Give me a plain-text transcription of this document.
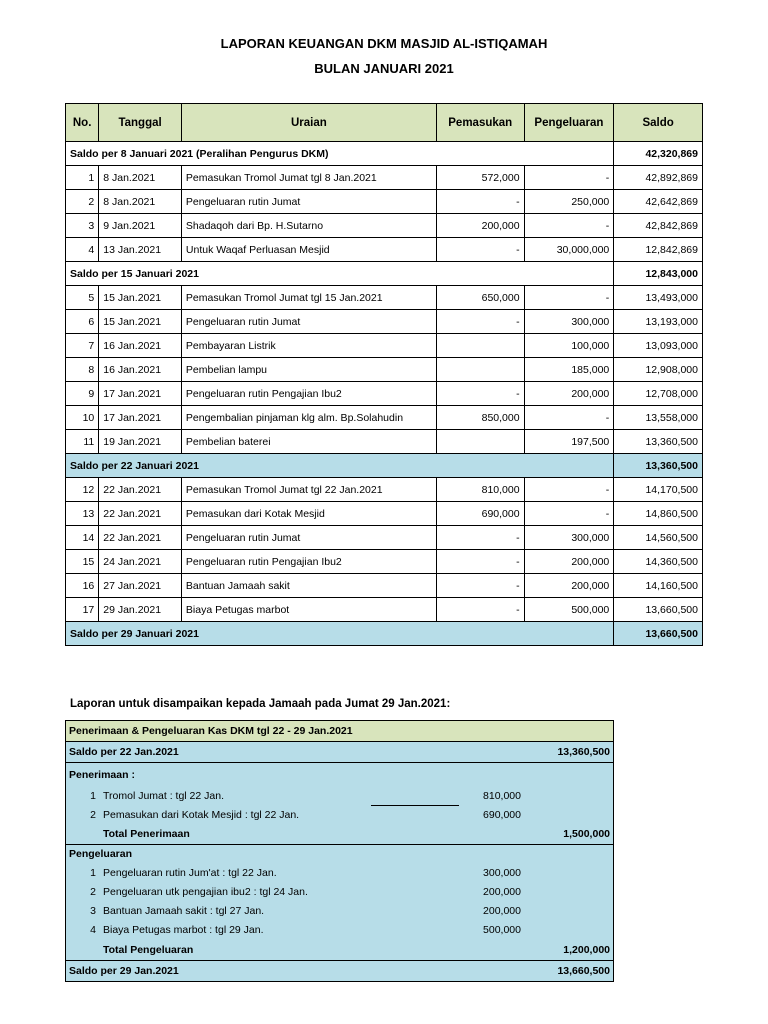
LAPORAN KEUANGAN DKM MASJID AL-ISTIQAMAH
BULAN JANUARI 2021
No.	Tanggal	Uraian	Pemasukan	Pengeluaran	Saldo
Saldo per 8 Januari 2021 (Peralihan Pengurus DKM)					42,320,869
1	8 Jan.2021	Pemasukan Tromol Jumat tgl 8 Jan.2021	572,000	-	42,892,869
2	8 Jan.2021	Pengeluaran rutin Jumat	-	250,000	42,642,869
3	9 Jan.2021	Shadaqoh dari Bp. H.Sutarno	200,000	-	42,842,869
4	13 Jan.2021	Untuk Waqaf Perluasan Mesjid	-	30,000,000	12,842,869
Saldo per 15 Januari 2021					12,843,000
5	15 Jan.2021	Pemasukan Tromol Jumat tgl 15 Jan.2021	650,000	-	13,493,000
6	15 Jan.2021	Pengeluaran rutin Jumat	-	300,000	13,193,000
7	16 Jan.2021	Pembayaran Listrik		100,000	13,093,000
8	16 Jan.2021	Pembelian lampu		185,000	12,908,000
9	17 Jan.2021	Pengeluaran rutin Pengajian Ibu2	-	200,000	12,708,000
10	17 Jan.2021	Pengembalian pinjaman klg alm. Bp.Solahudin	850,000	-	13,558,000
11	19 Jan.2021	Pembelian baterei		197,500	13,360,500
Saldo per 22 Januari 2021					13,360,500
12	22 Jan.2021	Pemasukan Tromol Jumat tgl 22 Jan.2021	810,000	-	14,170,500
13	22 Jan.2021	Pemasukan dari Kotak Mesjid	690,000	-	14,860,500
14	22 Jan.2021	Pengeluaran rutin Jumat	-	300,000	14,560,500
15	24 Jan.2021	Pengeluaran rutin Pengajian Ibu2	-	200,000	14,360,500
16	27 Jan.2021	Bantuan Jamaah sakit	-	200,000	14,160,500
17	29 Jan.2021	Biaya Petugas marbot	-	500,000	13,660,500
Saldo per 29 Januari 2021					13,660,500
Laporan untuk disampaikan kepada Jamaah pada Jumat 29 Jan.2021:
Penerimaan & Pengeluaran Kas DKM tgl 22 - 29 Jan.2021
Saldo per 22 Jan.2021	13,360,500
Penerimaan :
1 Tromol Jumat : tgl 22 Jan.	810,000
2 Pemasukan dari Kotak Mesjid : tgl 22 Jan.	690,000
Total Penerimaan	1,500,000
Pengeluaran
1 Pengeluaran rutin Jum'at : tgl 22 Jan.	300,000
2 Pengeluaran utk pengajian ibu2 : tgl 24 Jan.	200,000
3 Bantuan Jamaah sakit : tgl 27 Jan.	200,000
4 Biaya Petugas marbot : tgl 29 Jan.	500,000
Total Pengeluaran	1,200,000
Saldo per 29 Jan.2021	13,660,500
